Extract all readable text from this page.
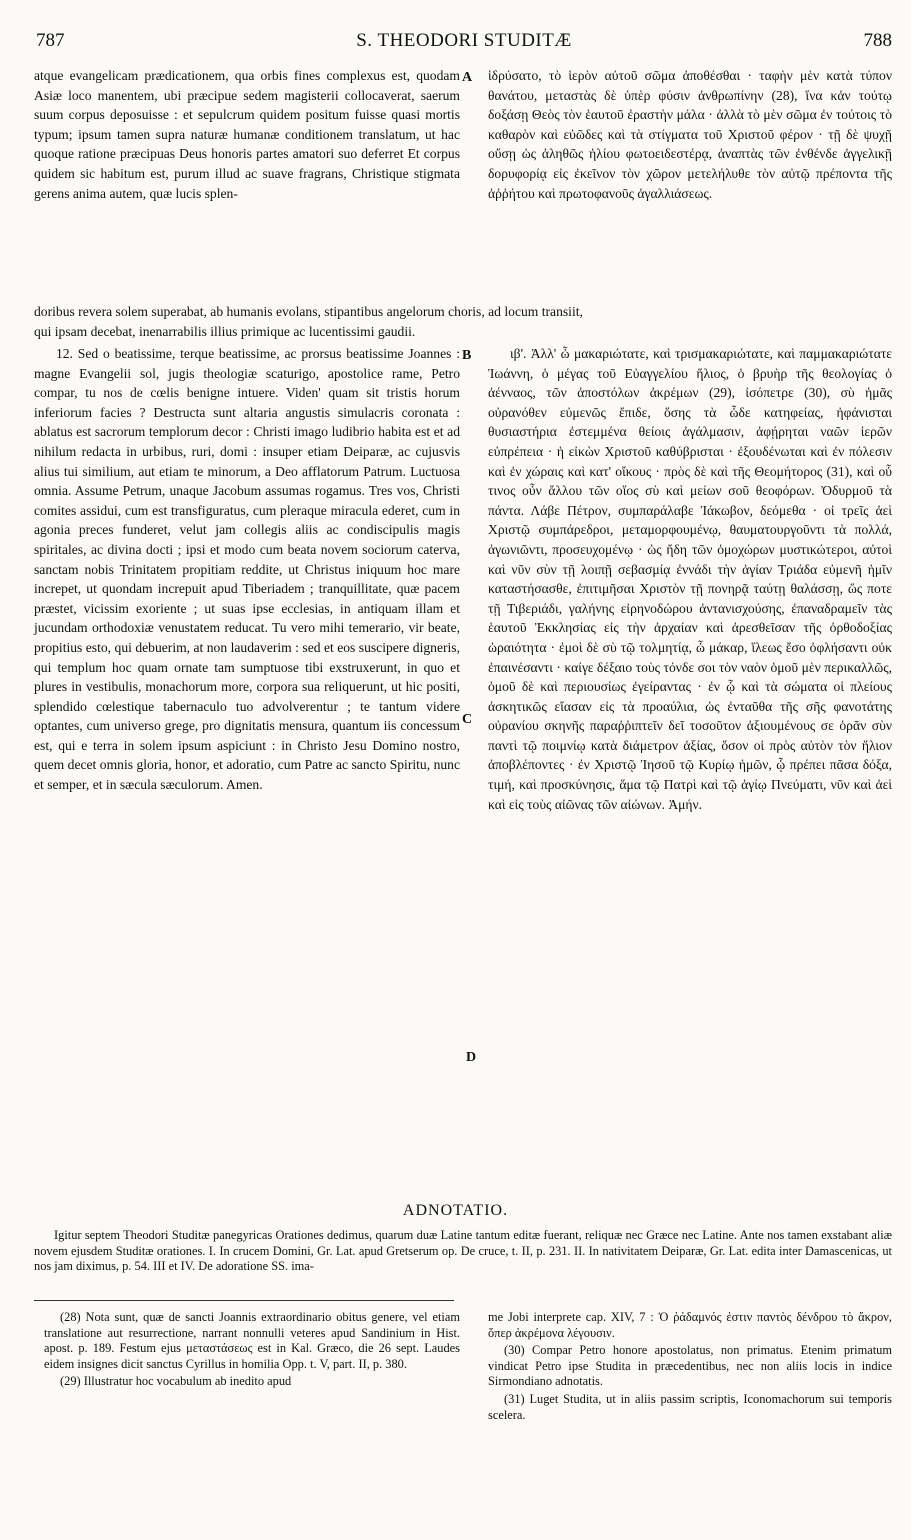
787	S. THEODORI STUDITÆ	788

atque evangelicam prædicationem, qua orbis fines complexus est, quodam Asiæ loco manentem, ubi præcipue sedem magisterii collocaverat, saerum suum corpus deposuisse : et sepulcrum quidem positum fuisse quasi mortis typum; ipsum tamen supra naturæ humanæ conditionem translatum, ut hac quoque ratione præcipuas Deus honoris partes amatori suo deferret Et corpus quidem sic habitum est, purum illud ac suave fragrans, Christique stigmata gerens anima autem, quæ lucis splen-

ἱδρύσατο, τὸ ἱερὸν αὐτοῦ σῶμα ἀποθέσθαι · ταφὴν μὲν κατὰ τύπον θανάτου, μεταστὰς δὲ ὑπὲρ φύσιν ἀνθρωπίνην (28), ἵνα κἀν τούτῳ δοξάσῃ Θεὸς τὸν ἑαυτοῦ ἐραστὴν μάλα · ἀλλὰ τὸ μὲν σῶμα ἐν τούτοις τὸ καθαρὸν καὶ εὐῶδες καὶ τὰ στίγματα τοῦ Χριστοῦ φέρον · τῇ δὲ ψυχῇ οὔσῃ ὡς ἀληθῶς ἡλίου φωτοειδεστέρᾳ, ἀναπτὰς τῶν ἐνθένδε ἀγγελικῇ δορυφορίᾳ εἰς ἐκεῖνον τὸν χῶρον μετελήλυθε τὸν αὐτῷ πρέποντα τῆς ἀῤῥήτου καὶ πρωτοφανοῦς ἀγαλλιάσεως.

A
doribus revera solem superabat, ab humanis evolans, stipantibus angelorum choris, ad locum transiit,
qui ipsam decebat, inenarrabilis illius primique ac lucentissimi gaudii.
B

12. Sed o beatissime, terque beatissime, ac prorsus beatissime Joannes : magne Evangelii sol, jugis theologiæ scaturigo, apostolice rame, Petro compar, tu nos de cœlis benigne intuere. Viden' quam sit tristis horum inferiorum facies ? Destructa sunt altaria angustis simulacris coronata : ablatus est sacrorum templorum decor : Christi imago ludibrio habita est et ad nihilum redacta in urbibus, ruri, domi : insuper etiam Deiparæ, ac cujusvis alius tui similium, aut etiam te minorum, a Deo afflatorum Patrum. Luctuosa omnia. Assume Petrum, unaque Jacobum assumas rogamus. Tres vos, Christi comites assidui, cum est transfiguratus, cum pleraque miracula ederet, cum in agonia preces funderet, velut jam collegis aliis ac condiscipulis magis spiritales, ac divina docti ; ipsi et modo cum beata novem sociorum caterva, sanctam nobis Trinitatem propitiam reddite, ut Christus iniquum hoc mare increpet, ut quondam increpuit apud Tiberiadem ; tranquillitate, quæ pacem præstet, vicissim exoriente ; ut suas ipse ecclesias, in antiquam illam et jucundam orthodoxiæ venustatem reducat. Tu vero mihi temerario, vir beate, propitius esto, qui debuerim, at non laudaverim : sed et eos suscipere digneris, qui templum hoc quam ornate tam sumptuose tibi exstruxerunt, in quo et plures in vestibulis, monachorum more, corpora sua reliquerunt, ut hic positi, splendido cœlestique tabernaculo tuo advolverentur ; te tantum videre optantes, cum universo grege, pro dignitatis mensura, quantum iis concessum est, qui e terra in solem ipsum aspiciunt : in Christo Jesu Domino nostro, quem decet omnis gloria, honor, et adoratio, cum Patre ac sancto Spiritu, nunc et semper, et in sæcula sæculorum. Amen.

ιβ'. Ἀλλ' ὦ μακαριώτατε, καὶ τρισμακαριώτατε, καὶ παμμακαριώτατε Ἰωάννη, ὁ μέγας τοῦ Εὐαγγελίου ἥλιος, ὁ βρυὴρ τῆς θεολογίας ὁ ἀένναος, τῶν ἀποστόλων ἀκρέμων (29), ἰσόπετρε (30), σὺ ἡμᾶς οὐρανόθεν εὐμενῶς ἔπιδε, ὅσης τὰ ὧδε κατηφείας, ἠφάνισται θυσιαστήρια ἐστεμμένα θείοις ἀγάλμασιν, ἀφῄρηται ναῶν ἱερῶν εὐπρέπεια · ἡ εἰκὼν Χριστοῦ καθύβρισται · ἐξουδένωται καὶ ἐν πόλεσιν καὶ ἐν χώραις καὶ κατ' οἴκους · πρὸς δὲ καὶ τῆς Θεομήτορος (31), καὶ οὗ τινος οὖν ἄλλου τῶν οἵος σὺ καὶ μείων σοῦ θεοφόρων. Ὀδυρμοῦ τὰ πάντα. Λάβε Πέτρον, συμπαράλαβε Ἰάκωβον, δεόμεθα · οἱ τρεῖς ἀεὶ Χριστῷ συμπάρεδροι, μεταμορφουμένῳ, θαυματουργοῦντι τὰ πολλά, ἀγωνιῶντι, προσευχομένῳ · ὡς ἤδη τῶν ὁμοχώρων μυστικώτεροι, αὐτοὶ καὶ νῦν σὺν τῇ λοιπῇ σεβασμίᾳ ἐννάδι τὴν ἁγίαν Τριάδα εὐμενῆ ἡμῖν καταστήσασθε, ἐπιτιμῆσαι Χριστὸν τῇ πονηρᾷ ταύτῃ θαλάσσῃ, ὥς ποτε τῇ Τιβεριάδι, γαλήνης εἰρηνοδώρου ἀντανισχούσης, ἐπαναδραμεῖν τὰς ἑαυτοῦ Ἐκκλησίας εἰς τὴν ἀρχαίαν καὶ ἀρεσθεῖσαν τῆς ὀρθοδοξίας ὡραιότητα · ἐμοὶ δὲ σὺ τῷ τολμητίᾳ, ὦ μάκαρ, ἵλεως ἔσο ὀφλήσαντι οὐκ ἐπαινέσαντι · καίγε δέξαιο τοὺς τόνδε σοι τὸν ναὸν ὁμοῦ μὲν περικαλλῶς, ὁμοῦ δὲ καὶ περιουσίως ἐγείραντας · ἐν ᾧ καὶ τὰ σώματα οἱ πλείους ἀσκητικῶς εἴασαν εἰς τὰ προαύλια, ὡς ἐνταῦθα τῆς σῆς φανοτάτης οὐρανίου σκηνῆς παραῤῥιπτεῖν δεῖ τοσοῦτον ἀξιουμένους σε ὁρᾶν σὺν παντὶ τῷ ποιμνίῳ κατὰ διάμετρον ἀξίας, ὅσον οἱ πρὸς αὐτὸν τὸν ἥλιον ἀποβλέποντες · ἐν Χριστῷ Ἰησοῦ τῷ Κυρίῳ ἡμῶν, ᾧ πρέπει πᾶσα δόξα, τιμή, καὶ προσκύνησις, ἅμα τῷ Πατρὶ καὶ τῷ ἁγίῳ Πνεύματι, νῦν καὶ ἀεὶ καὶ εἰς τοὺς αἰῶνας τῶν αἰώνων. Ἀμήν.

C
D
ADNOTATIO.
Igitur septem Theodori Studitæ panegyricas Orationes dedimus, quarum duæ Latine tantum editæ fuerant, reliquæ nec Græce nec Latine. Ante nos tamen exstabant aliæ novem ejusdem Studitæ orationes. I. In crucem Domini, Gr. Lat. apud Gretserum op. De cruce, t. II, p. 231. II. In nativitatem Deiparæ, Gr. Lat. edita inter Damascenicas, ut nos jam diximus, p. 54. III et IV. De adoratione SS. ima-

(28) Nota sunt, quæ de sancti Joannis extraordinario obitus genere, vel etiam translatione aut resurrectione, narrant nonnulli veteres apud Sandinium in Hist. apost. p. 189. Festum ejus μεταστάσεως est in Kal. Græco, die 26 sept. Laudes eidem insignes dicit sanctus Cyrillus in homilia Opp. t. V, part. II, p. 380.

(29) Illustratur hoc vocabulum ab inedito apud

me Jobi interprete cap. XIV, 7 : Ὁ ῥάδαμνός ἐστιν παντὸς δένδρου τὸ ἄκρον, ὅπερ ἀκρέμονα λέγουσιν.

(30) Compar Petro honore apostolatus, non primatus. Etenim primatum vindicat Petro ipse Studita in præcedentibus, nec non aliis locis in indice Sirmondiano adnotatis.

(31) Luget Studita, ut in aliis passim scriptis, Iconomachorum sui temporis scelera.
